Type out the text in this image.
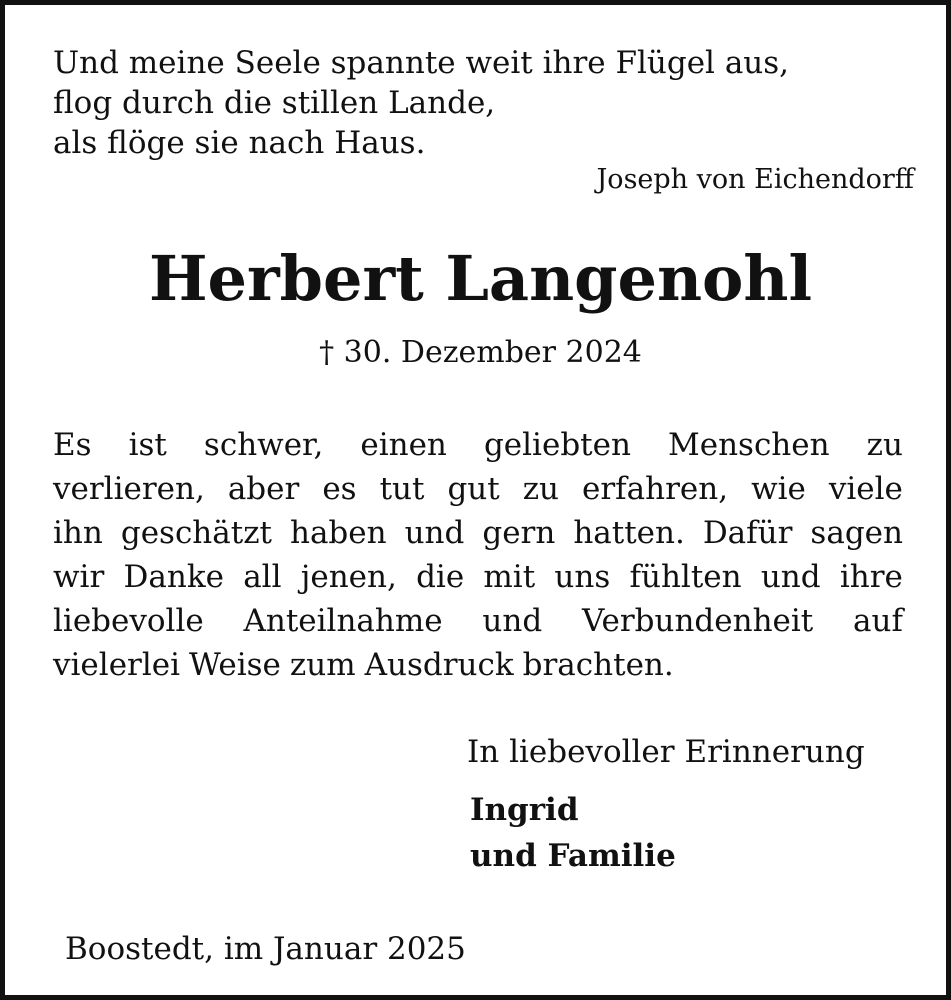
Und meine Seele spannte weit ihre Flügel aus,
flog durch die stillen Lande,
als flöge sie nach Haus.
Joseph von Eichendorff
Herbert Langenohl
† 30. Dezember 2024
Es ist schwer, einen geliebten Menschen zu
verlieren, aber es tut gut zu erfahren, wie viele
ihn geschätzt haben und gern hatten. Dafür sagen
wir Danke all jenen, die mit uns fühlten und ihre
liebevolle Anteilnahme und Verbundenheit auf
vielerlei Weise zum Ausdruck brachten.
In liebevoller Erinnerung
Ingrid
und Familie
Boostedt, im Januar 2025
